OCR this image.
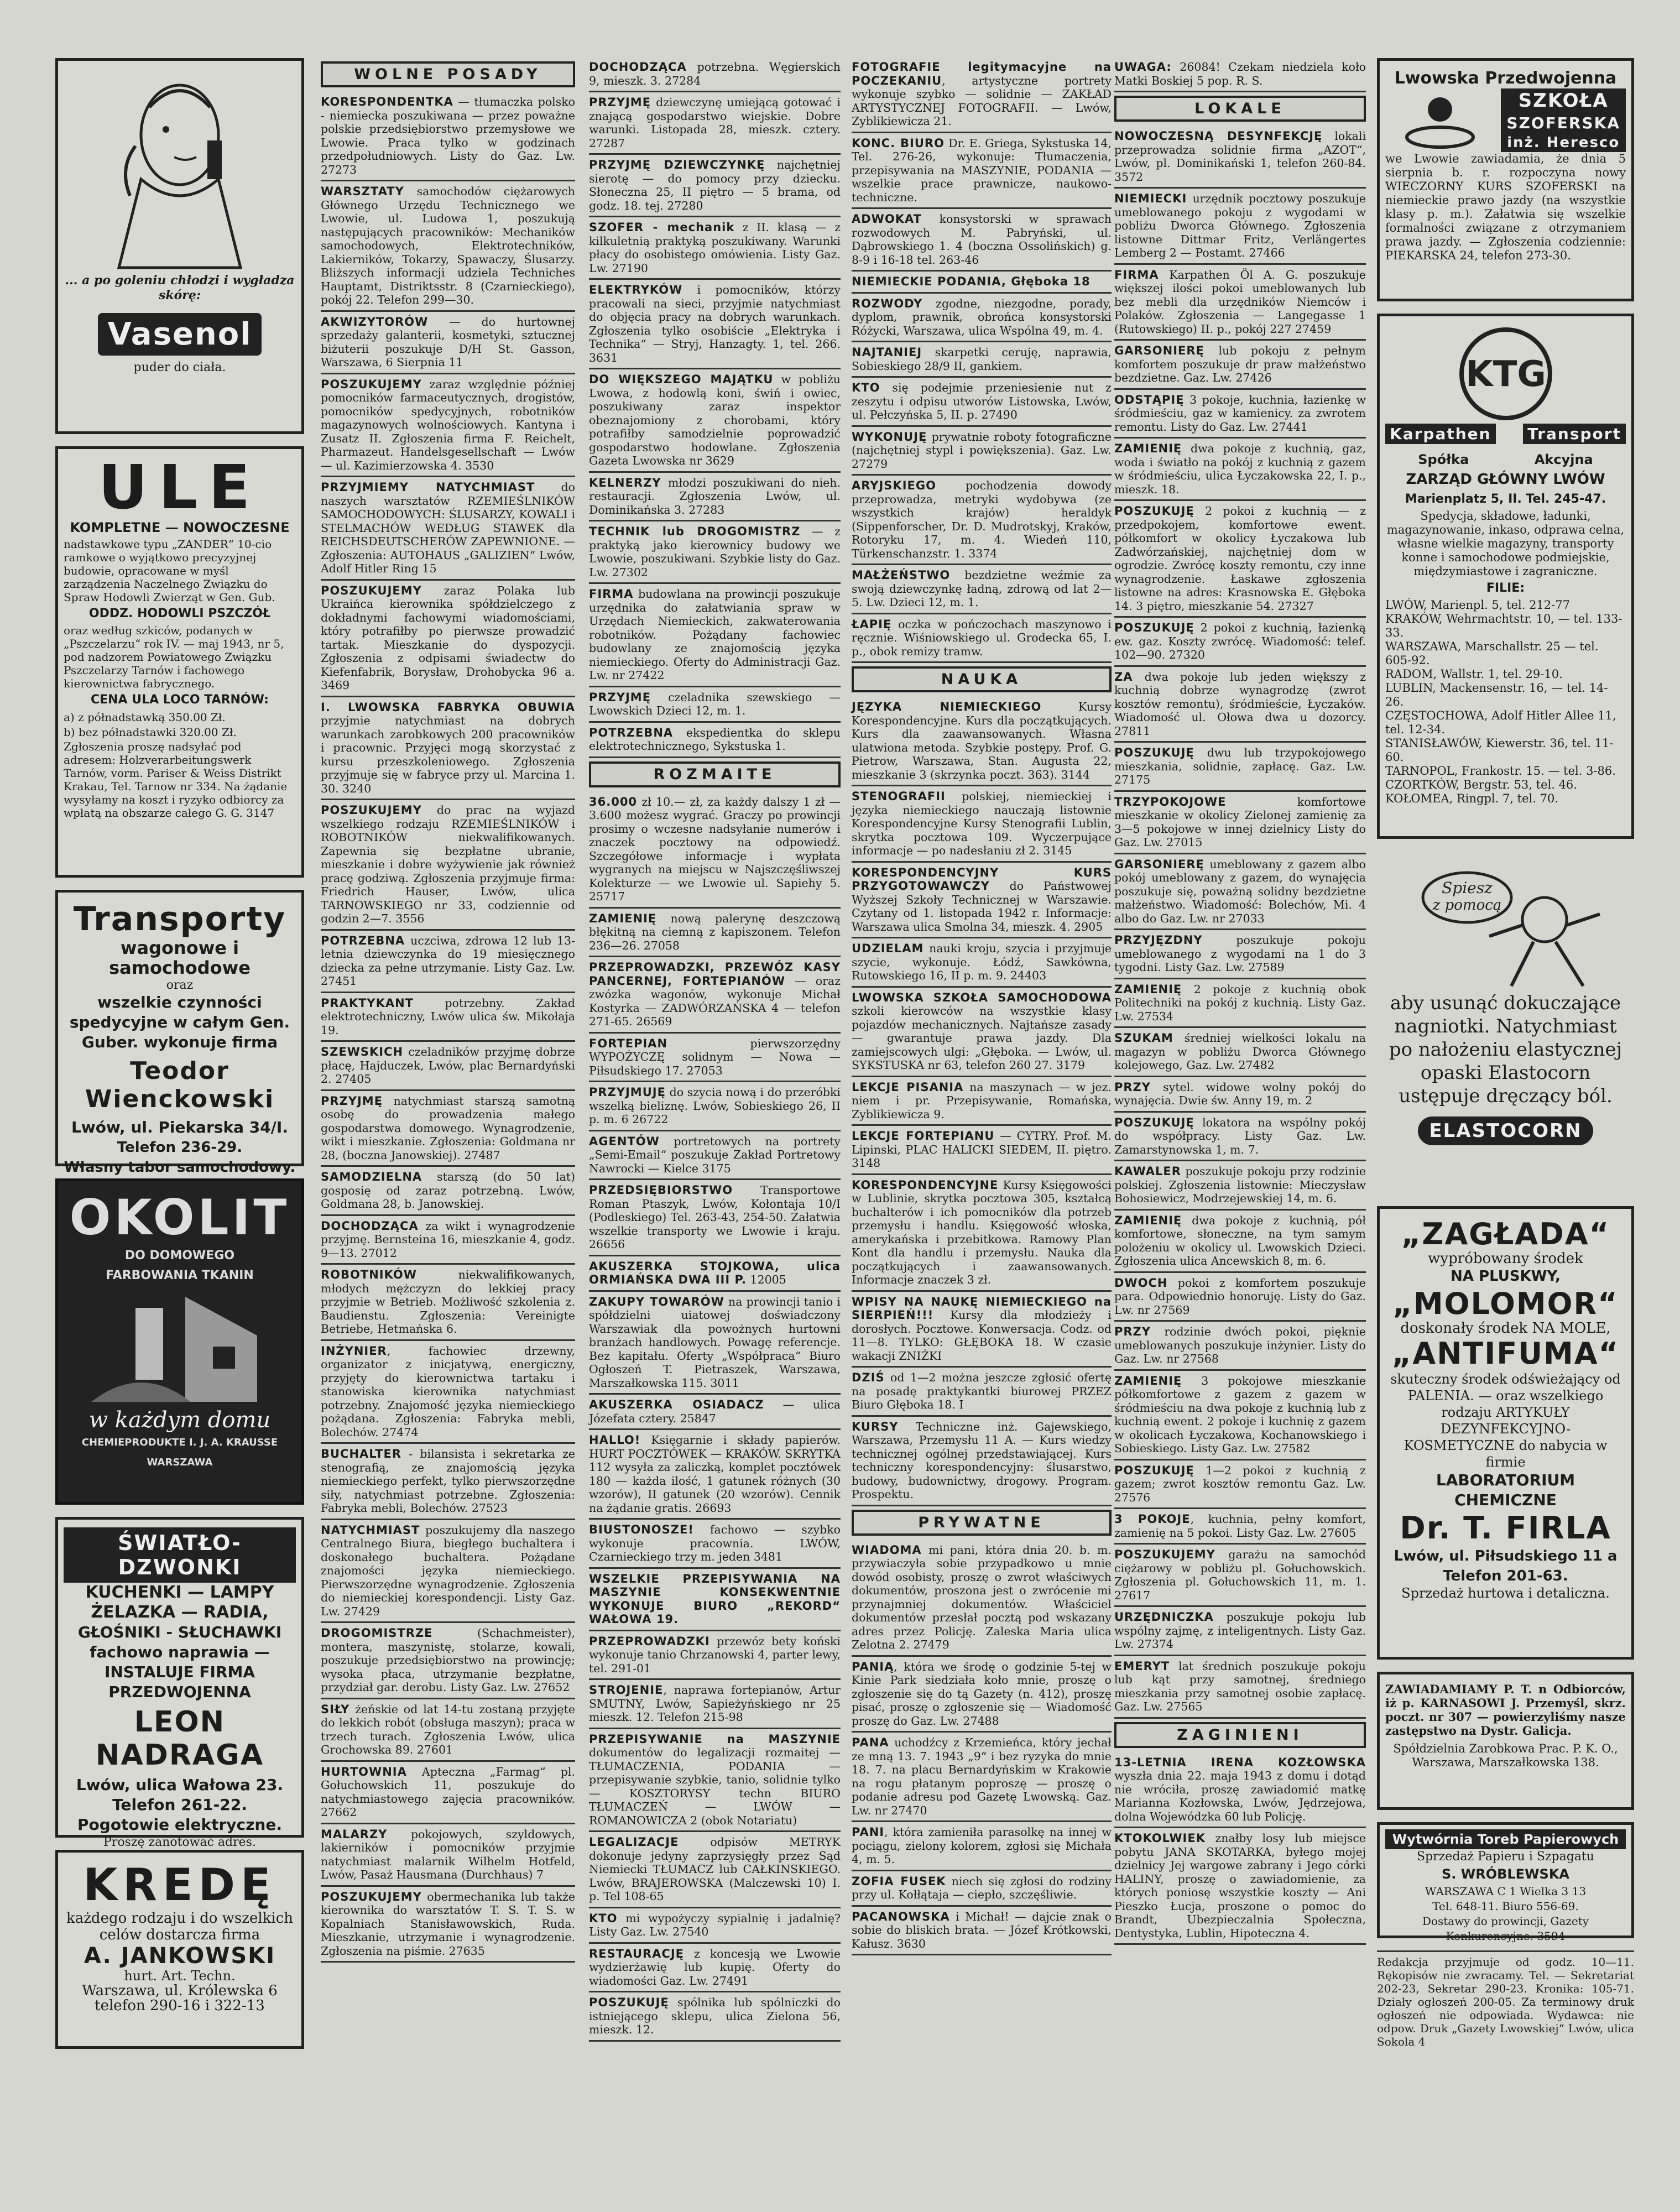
... a po goleniu chłodzi i wygładza skórę:
Vasenol
puder do ciała.
ULE
KOMPLETNE — NOWOCZESNE
nadstawkowe typu „ZANDER“ 10-cio ramkowe o wyjątkowo precyzyjnej budowie, opracowane w myśl zarządzenia Naczelnego Związku do Spraw Hodowli Zwierząt w Gen. Gub.
ODDZ. HODOWLI PSZCZÓŁ
oraz według szkiców, podanych w „Pszczelarzu“ rok IV. — maj 1943, nr 5, pod nadzorem Powiatowego Związku Pszczelarzy Tarnów i fachowego kierownictwa fabrycznego.
CENA ULA LOCO TARNÓW:
a) z półnadstawką 350.00 Zł.
b) bez półnadstawki 320.00 Zł.
Zgłoszenia proszę nadsyłać pod adresem: Holzverarbeitungswerk Tarnów, vorm. Pariser & Weiss Distrikt Krakau, Tel. Tarnow nr 334. Na żądanie wysyłamy na koszt i ryzyko odbiorcy za wpłatą na obszarze całego G. G. 3147
Transporty
wagonowe i samochodowe
oraz
wszelkie czynności spedycyjne w całym Gen. Guber. wykonuje firma
Teodor Wienckowski
Lwów, ul. Piekarska 34/I.
Telefon 236-29.
Własny tabor samochodowy.
OKOLIT
DO DOMOWEGO
FARBOWANIA TKANIN
w każdym domu
CHEMIEPRODUKTE I. J. A. KRAUSSE WARSZAWA
ŚWIATŁO-DZWONKI
KUCHENKI — LAMPY
ŻELAZKA — RADIA,
GŁOŚNIKI - SŁUCHAWKI
fachowo naprawia —
INSTALUJE FIRMA
PRZEDWOJENNA
LEON NADRAGA
Lwów, ulica Wałowa 23.
Telefon 261-22.
Pogotowie elektryczne.
Proszę zanotować adres.
KREDĘ
każdego rodzaju i do wszelkich celów dostarcza firma
A. JANKOWSKI
hurt. Art. Techn.
Warszawa, ul. Królewska 6
telefon 290-16 i 322-13
WOLNE POSADY
KORESPONDENTKA — tłumaczka polsko - niemiecka poszukiwana — przez poważne polskie przedsiębiorstwo przemysłowe we Lwowie. Praca tylko w godzinach przedpołudniowych. Listy do Gaz. Lw. 27273
WARSZTATY samochodów ciężarowych Głównego Urzędu Technicznego we Lwowie, ul. Ludowa 1, poszukują następujących pracowników: Mechaników samochodowych, Elektrotechników, Lakierników, Tokarzy, Spawaczy, Ślusarzy. Bliższych informacji udziela Techniches Hauptamt, Distriktsstr. 8 (Czarnieckiego), pokój 22. Telefon 299—30.
AKWIZYTORÓW — do hurtownej sprzedaży galanterii, kosmetyki, sztucznej biżuterii poszukuje D/H St. Gasson, Warszawa, 6 Sierpnia 11
POSZUKUJEMY zaraz względnie później pomocników farmaceutycznych, drogistów, pomocników spedycyjnych, robotników magazynowych wolnościowych. Kantyna i Zusatz II. Zgłoszenia firma F. Reichelt, Pharmazeut. Handelsgesellschaft — Lwów — ul. Kazimierzowska 4. 3530
PRZYJMIEMY NATYCHMIAST do naszych warsztatów RZEMIEŚLNIKÓW SAMOCHODOWYCH: ŚLUSARZY, KOWALI i STELMACHÓW WEDŁUG STAWEK dla REICHSDEUTSCHERÓW ZAPEWNIONE. — Zgłoszenia: AUTOHAUS „GALIZIEN“ Lwów, Adolf Hitler Ring 15
POSZUKUJEMY zaraz Polaka lub Ukraińca kierownika spółdzielczego z dokładnymi fachowymi wiadomościami, który potrafiłby po pierwsze prowadzić tartak. Mieszkanie do dyspozycji. Zgłoszenia z odpisami świadectw do Kiefenfabrik, Borysław, Drohobycka 96 a. 3469
I. LWOWSKA FABRYKA OBUWIA przyjmie natychmiast na dobrych warunkach zarobkowych 200 pracowników i pracownic. Przyjęci mogą skorzystać z kursu przeszkoleniowego. Zgłoszenia przyjmuje się w fabryce przy ul. Marcina 1. 30. 3240
POSZUKUJEMY do prac na wyjazd wszelkiego rodzaju RZEMIEŚLNIKÓW i ROBOTNIKÓW niekwalifikowanych. Zapewnia się bezpłatne ubranie, mieszkanie i dobre wyżywienie jak również pracę godziwą. Zgłoszenia przyjmuje firma: Friedrich Hauser, Lwów, ulica TARNOWSKIEGO nr 33, codziennie od godzin 2—7. 3556
POTRZEBNA uczciwa, zdrowa 12 lub 13-letnia dziewczynka do 19 miesięcznego dziecka za pełne utrzymanie. Listy Gaz. Lw. 27451
PRAKTYKANT potrzebny. Zakład elektrotechniczny, Lwów ulica św. Mikołaja 19.
SZEWSKICH czeladników przyjmę dobrze płacę, Hajduczek, Lwów, plac Bernardyński 2. 27405
PRZYJMĘ natychmiast starszą samotną osobę do prowadzenia małego gospodarstwa domowego. Wynagrodzenie, wikt i mieszkanie. Zgłoszenia: Goldmana nr 28, (boczna Janowskiej). 27487
SAMODZIELNA starszą (do 50 lat) gosposię od zaraz potrzebną. Lwów, Goldmana 28, b. Janowskiej.
DOCHODZĄCA za wikt i wynagrodzenie przyjmę. Bernsteina 16, mieszkanie 4, godz. 9—13. 27012
ROBOTNIKÓW niekwalifikowanych, młodych mężczyzn do lekkiej pracy przyjmie w Betrieb. Możliwość szkolenia z. Baudienstu. Zgłoszenia: Vereinigte Betriebe, Hetmańska 6.
INŻYNIER, fachowiec drzewny, organizator z inicjatywą, energiczny, przyjęty do kierownictwa tartaku i stanowiska kierownika natychmiast potrzebny. Znajomość języka niemieckiego pożądana. Zgłoszenia: Fabryka mebli, Bolechów. 27474
BUCHALTER - bilansista i sekretarka ze stenografią, ze znajomością języka niemieckiego perfekt, tylko pierwszorzędne siły, natychmiast potrzebne. Zgłoszenia: Fabryka mebli, Bolechów. 27523
NATYCHMIAST poszukujemy dla naszego Centralnego Biura, biegłego buchaltera i doskonałego buchaltera. Pożądane znajomości języka niemieckiego. Pierwszorzędne wynagrodzenie. Zgłoszenia do niemieckiej korespondencji. Listy Gaz. Lw. 27429
DROGOMISTRZE (Schachmeister), montera, maszynistę, stolarze, kowali, poszukuje przedsiębiorstwo na prowincję; wysoka płaca, utrzymanie bezpłatne, przydział gar. derobu. Listy Gaz. Lw. 27652
SIŁY żeńskie od lat 14-tu zostaną przyjęte do lekkich robót (obsługa maszyn); praca w trzech turach. Zgłoszenia Lwów, ulica Grochowska 89. 27601
HURTOWNIA Apteczna „Farmag“ pl. Gołuchowskich 11, poszukuje do natychmiastowego zajęcia pracowników. 27662
MALARZY pokojowych, szyldowych, lakierników i pomocników przyjmie natychmiast malarnik Wilhelm Hotfeld, Lwów, Pasaż Hausmana (Durchhaus) 7
POSZUKUJEMY obermechanika lub także kierownika do warsztatów T. S. T. S. w Kopalniach Stanisławowskich, Ruda. Mieszkanie, utrzymanie i wynagrodzenie. Zgłoszenia na piśmie. 27635
DOCHODZĄCA potrzebna. Węgierskich 9, mieszk. 3. 27284
PRZYJMĘ dziewczynę umiejącą gotować i znającą gospodarstwo wiejskie. Dobre warunki. Listopada 28, mieszk. cztery. 27287
PRZYJMĘ DZIEWCZYNKĘ najchętniej sierotę — do pomocy przy dziecku. Słoneczna 25, II piętro — 5 brama, od godz. 18. tej. 27280
SZOFER - mechanik z II. klasą — z kilkuletnią praktyką poszukiwany. Warunki płacy do osobistego omówienia. Listy Gaz. Lw. 27190
ELEKTRYKÓW i pomocników, którzy pracowali na sieci, przyjmie natychmiast do objęcia pracy na dobrych warunkach. Zgłoszenia tylko osobiście „Elektryka i Technika“ — Stryj, Hanzagty. 1, tel. 266. 3631
DO WIĘKSZEGO MAJĄTKU w pobliżu Lwowa, z hodowlą koni, świń i owiec, poszukiwany zaraz inspektor obeznajomiony z chorobami, który potrafiłby samodzielnie poprowadzić gospodarstwo hodowlane. Zgłoszenia Gazeta Lwowska nr 3629
KELNERZY młodzi poszukiwani do nieh. restauracji. Zgłoszenia Lwów, ul. Dominikańska 3. 27283
TECHNIK lub DROGOMISTRZ — z praktyką jako kierownicy budowy we Lwowie, poszukiwani. Szybkie listy do Gaz. Lw. 27302
FIRMA budowlana na prowincji poszukuje urzędnika do załatwiania spraw w Urzędach Niemieckich, zakwaterowania robotników. Pożądany fachowiec budowlany ze znajomością języka niemieckiego. Oferty do Administracji Gaz. Lw. nr 27422
PRZYJMĘ czeladnika szewskiego — Lwowskich Dzieci 12, m. 1.
POTRZEBNA ekspedientka do sklepu elektrotechnicznego, Sykstuska 1.
ROZMAITE
36.000 zł 10.— zł, za każdy dalszy 1 zł — 3.600 możesz wygrać. Graczy po prowincji prosimy o wczesne nadsyłanie numerów i znaczek pocztowy na odpowiedź. Szczegółowe informacje i wypłata wygranych na miejscu w Najszczęśliwszej Kolekturze — we Lwowie ul. Sapiehy 5. 25717
ZAMIENIĘ nową palerynę deszczową błękitną na ciemną z kapiszonem. Telefon 236—26. 27058
PRZEPROWADZKI, PRZEWÓZ KASY PANCERNEJ, FORTEPIANÓW — oraz zwózka wagonów, wykonuje Michał Kostyrka — ZADWÓRZAŃSKA 4 — telefon 271-65. 26569
FORTEPIAN pierwszorzędny WYPOŻYCZĘ solidnym — Nowa — Piłsudskiego 17. 27053
PRZYJMUJĘ do szycia nową i do przeróbki wszelką bieliznę. Lwów, Sobieskiego 26, II p. m. 6 26722
AGENTÓW portretowych na portrety „Semi-Email“ poszukuje Zakład Portretowy Nawrocki — Kielce 3175
PRZEDSIĘBIORSTWO Transportowe Roman Ptaszyk, Lwów, Kołontaja 10/I (Podleskiego) Tel. 263-43, 254-50. Załatwia wszelkie transporty we Lwowie i kraju. 26656
AKUSZERKA STOJKOWA, ulica ORMIAŃSKA DWA III P. 12005
ZAKUPY TOWARÓW na prowincji tanio i spółdzielni uiatowej doświadczony Warszawiak dla powożnych hurtowni branżach handlowych. Powagę referencje. Bez kapitału. Oferty „Współpraca“ Biuro Ogłoszeń T. Pietraszek, Warszawa, Marszałkowska 115. 3011
AKUSZERKA OSIADACZ — ulica Józefata cztery. 25847
HALLO! Księgarnie i składy papierów. HURT POCZTÓWEK — KRAKÓW. SKRYTKA 112 wysyła za zaliczką, komplet pocztówek 180 — każda ilość, 1 gatunek różnych (30 wzorów), II gatunek (20 wzorów). Cennik na żądanie gratis. 26693
BIUSTONOSZE! fachowo — szybko wykonuje pracownia. LWÓW, Czarnieckiego trzy m. jeden 3481
WSZELKIE PRZEPISYWANIA NA MASZYNIE KONSEKWENTNIE WYKONUJE BIURO „REKORD“ WAŁOWA 19.
PRZEPROWADZKI przewóz bety koński wykonuje tanio Chrzanowski 4, parter lewy, tel. 291-01
STROJENIE, naprawa fortepianów, Artur SMUTNY, Lwów, Sapieżyńskiego nr 25 mieszk. 12. Telefon 215-98
PRZEPISYWANIE na MASZYNIE dokumentów do legalizacji rozmaitej — TŁUMACZENIA, PODANIA — przepisywanie szybkie, tanio, solidnie tylko — KOSZTORYSY techn BIURO TŁUMACZEŃ — LWÓW — ROMANOWICZA 2 (obok Notariatu)
LEGALIZACJE odpisów METRYK dokonuje jedyny zaprzysięgły przez Sąd Niemiecki TŁUMACZ lub CAŁKINSKIEGO. Lwów, BRAJEROWSKA (Malczewski 10) I. p. Tel 108-65
KTO mi wypożyczy sypialnię i jadalnię? Listy Gaz. Lw. 27540
RESTAURACJĘ z koncesją we Lwowie wydzierżawię lub kupię. Oferty do wiadomości Gaz. Lw. 27491
POSZUKUJĘ spólnika lub spólniczki do istniejącego sklepu, ulica Zielona 56, mieszk. 12.
FOTOGRAFIE legitymacyjne na POCZEKANIU, artystyczne portrety wykonuje szybko — solidnie — ZAKŁAD ARTYSTYCZNEJ FOTOGRAFII. — Lwów, Zyblikiewicza 21.
KONC. BIURO Dr. E. Griega, Sykstuska 14, Tel. 276-26, wykonuje: Tłumaczenia, przepisywania na MASZYNIE, PODANIA — wszelkie prace prawnicze, naukowo-techniczne.
ADWOKAT konsystorski w sprawach rozwodowych M. Pabryński, ul. Dąbrowskiego 1. 4 (boczna Ossolińskich) g. 8-9 i 16-18 tel. 263-46
NIEMIECKIE PODANIA, Głęboka 18
ROZWODY zgodne, niezgodne, porady, dyplom, prawnik, obrońca konsystorski Różycki, Warszawa, ulica Wspólna 49, m. 4.
NAJTANIEJ skarpetki ceruję, naprawia, Sobieskiego 28/9 II, gankiem.
KTO się podejmie przeniesienie nut z zeszytu i odpisu utworów Listowska, Lwów, ul. Pełczyńska 5, II. p. 27490
WYKONUJĘ prywatnie roboty fotograficzne (najchętniej stypl i powiększenia). Gaz. Lw. 27279
ARYJSKIEGO pochodzenia dowody przeprowadza, metryki wydobywa (ze wszystkich krajów) heraldyk (Sippenforscher, Dr. D. Mudrotskyj, Kraków, Rotoryku 17, m. 4. Wiedeń 110, Türkenschanzstr. 1. 3374
MAŁŻEŃSTWO bezdzietne weźmie za swoją dziewczynkę ładną, zdrową od lat 2—5. Lw. Dzieci 12, m. 1.
ŁAPIĘ oczka w pończochach maszynowo i ręcznie. Wiśniowskiego ul. Grodecka 65, I. p., obok remizy tramw.
NAUKA
JĘZYKA NIEMIECKIEGO Kursy Korespondencyjne. Kurs dla początkujących. Kurs dla zaawansowanych. Własna ulatwiona metoda. Szybkie postępy. Prof. G. Pietrow, Warszawa, Stan. Augusta 22, mieszkanie 3 (skrzynka poczt. 363). 3144
STENOGRAFII polskiej, niemieckiej i języka niemieckiego nauczają listownie Korespondencyjne Kursy Stenografii Lublin, skrytka pocztowa 109. Wyczerpujące informacje — po nadesłaniu zł 2. 3145
KORESPONDENCYJNY KURS PRZYGOTOWAWCZY do Państwowej Wyższej Szkoły Technicznej w Warszawie. Czytany od 1. listopada 1942 r. Informacje: Warszawa ulica Smolna 34, mieszk. 4. 2905
UDZIELAM nauki kroju, szycia i przyjmuje szycie, wykonuje. Łódź, Sawkówna, Rutowskiego 16, II p. m. 9. 24403
LWOWSKA SZKOŁA SAMOCHODOWA szkoli kierowców na wszystkie klasy pojazdów mechanicznych. Najtańsze zasady — gwarantuje prawa jazdy. Dla zamiejscowych ulgi: „Głęboka. — Lwów, ul. SYKSTUSKA nr 63, telefon 260 27. 3179
LEKCJE PISANIA na maszynach — w jez. niem i pr. Przepisywanie, Romańska, Zyblikiewicza 9.
LEKCJE FORTEPIANU — CYTRY. Prof. M. Lipinski, PLAC HALICKI SIEDEM, II. piętro. 3148
KORESPONDENCYJNE Kursy Księgowości w Lublinie, skrytka pocztowa 305, kształcą buchalterów i ich pomocników dla potrzeb przemysłu i handlu. Księgowość włoska, amerykańska i przebitkowa. Ramowy Plan Kont dla handlu i przemysłu. Nauka dla początkujących i zaawansowanych. Informacje znaczek 3 zł.
WPISY NA NAUKĘ NIEMIECKIEGO na SIERPIEŃ!!! Kursy dla młodzieży i dorosłych. Pocztowe. Konwersacja. Codz. od 11—8. TYLKO: GŁĘBOKA 18. W czasie wakacji ZNIŻKI
DZIŚ od 1—2 można jeszcze zgłosić ofertę na posadę praktykantki biurowej PRZEZ Biuro Głęboka 18. I
KURSY Techniczne inż. Gajewskiego, Warszawa, Przemysłu 11 A. — Kurs wiedzy technicznej ogólnej przedstawiającej. Kurs techniczny korespondencyjny: ślusarstwo, budowy, budownictwy, drogowy. Program. Prospektu.
PRYWATNE
WIADOMA mi pani, która dnia 20. b. m. przywiaczyła sobie przypadkowo u mnie dowód osobisty, proszę o zwrot właściwych dokumentów, proszona jest o zwrócenie mi przynajmniej dokumentów. Właściciel dokumentów przesłał pocztą pod wskazany adres przez Policję. Zaleska Maria ulica Zelotna 2. 27479
PANIĄ, która we środę o godzinie 5-tej w Kinie Park siedziała koło mnie, proszę o zgłoszenie się do tą Gazety (n. 412), proszę pisać, proszę o zgłoszenie się — Wiadomość proszę do Gaz. Lw. 27488
PANA uchodźcy z Krzemieńca, który jechał ze mną 13. 7. 1943 „9“ i bez ryzyka do mnie 18. 7. na placu Bernardyńskim w Krakowie na rogu płatanym poproszę — proszę o podanie adresu pod Gazetę Lwowską. Gaz. Lw. nr 27470
PANI, która zamieniła parasolkę na innej w pociągu, zielony kolorem, zgłosi się Michała 4, m. 5.
ZOFIA FUSEK niech się zgłosi do rodziny przy ul. Kołłątaja — ciepło, szczęśliwie.
PACANOWSKA i Michał! — dajcie znak o sobie do bliskich brata. — Józef Krótkowski, Kałusz. 3630
UWAGA: 26084! Czekam niedziela koło Matki Boskiej 5 pop. R. S.
LOKALE
NOWOCZESNĄ DESYNFEKCJĘ lokali przeprowadza solidnie firma „AZOT“, Lwów, pl. Dominikański 1, telefon 260-84. 3572
NIEMIECKI urzędnik pocztowy poszukuje umeblowanego pokoju z wygodami w pobliżu Dworca Głównego. Zgłoszenia listowne Dittmar Fritz, Verlängertes Lemberg 2 — Postamt. 27466
FIRMA Karpathen Öl A. G. poszukuje większej ilości pokoi umeblowanych lub bez mebli dla urzędników Niemców i Polaków. Zgłoszenia — Langegasse 1 (Rutowskiego) II. p., pokój 227 27459
GARSONIERĘ lub pokoju z pełnym komfortem poszukuje dr praw małżeństwo bezdzietne. Gaz. Lw. 27426
ODSTĄPIĘ 3 pokoje, kuchnia, łazienkę w śródmieściu, gaz w kamienicy. za zwrotem remontu. Listy do Gaz. Lw. 27441
ZAMIENIĘ dwa pokoje z kuchnią, gaz, woda i światło na pokój z kuchnią z gazem w śródmieściu, ulica Łyczakowska 22, I. p., mieszk. 18.
POSZUKUJĘ 2 pokoi z kuchnią — z przedpokojem, komfortowe ewent. półkomfort w okolicy Łyczakowa lub Zadwórzańskiej, najchętniej dom w ogrodzie. Zwrócę koszty remontu, czy inne wynagrodzenie. Łaskawe zgłoszenia listowne na adres: Krasnowska E. Głęboka 14. 3 piętro, mieszkanie 54. 27327
POSZUKUJĘ 2 pokoi z kuchnią, łazienką ew. gaz. Koszty zwrócę. Wiadomość: telef. 102—90. 27320
ZA dwa pokoje lub jeden większy z kuchnią dobrze wynagrodzę (zwrot kosztów remontu), śródmieście, Łyczaków. Wiadomość ul. Ołowa dwa u dozorcy. 27811
POSZUKUJĘ dwu lub trzypokojowego mieszkania, solidnie, zapłacę. Gaz. Lw. 27175
TRZYPOKOJOWE komfortowe mieszkanie w okolicy Zielonej zamienię za 3—5 pokojowe w innej dzielnicy Listy do Gaz. Lw. 27015
GARSONIERĘ umeblowany z gazem albo pokój umeblowany z gazem, do wynajęcia poszukuje się, poważną solidny bezdzietne małżeństwo. Wiadomość: Bolechów, Mi. 4 albo do Gaz. Lw. nr 27033
PRZYJĘZDNY poszukuje pokoju umeblowanego z wygodami na 1 do 3 tygodni. Listy Gaz. Lw. 27589
ZAMIENIĘ 2 pokoje z kuchnią obok Politechniki na pokój z kuchnią. Listy Gaz. Lw. 27534
SZUKAM średniej wielkości lokalu na magazyn w pobliżu Dworca Głównego kolejowego, Gaz. Lw. 27482
PRZY sytel. widowe wolny pokój do wynajęcia. Dwie św. Anny 19, m. 2
POSZUKUJĘ lokatora na wspólny pokój do współpracy. Listy Gaz. Lw. Zamarstynowska 1, m. 7.
KAWALER poszukuje pokoju przy rodzinie polskiej. Zgłoszenia listownie: Mieczysław Bohosiewicz, Modrzejewskiej 14, m. 6.
ZAMIENIĘ dwa pokoje z kuchnią, pół komfortowe, słoneczne, na tym samym polożeniu w okolicy ul. Lwowskich Dzieci. Zgłoszenia ulica Ancewskich 8, m. 6.
DWOCH pokoi z komfortem poszukuje para. Odpowiednio honoruję. Listy do Gaz. Lw. nr 27569
PRZY rodzinie dwóch pokoi, pięknie umeblowanych poszukuje inżynier. Listy do Gaz. Lw. nr 27568
ZAMIENIĘ 3 pokojowe mieszkanie półkomfortowe z gazem z gazem w śródmieściu na dwa pokoje z kuchnią lub z kuchnią ewent. 2 pokoje i kuchnię z gazem w okolicach Łyczakowa, Kochanowskiego i Sobieskiego. Listy Gaz. Lw. 27582
POSZUKUJĘ 1—2 pokoi z kuchnią z gazem; zwrot kosztów remontu Gaz. Lw. 27576
3 POKOJE, kuchnia, pełny komfort, zamienię na 5 pokoi. Listy Gaz. Lw. 27605
POSZUKUJEMY garażu na samochód ciężarowy w pobliżu pl. Gołuchowskich. Zgłoszenia pl. Gołuchowskich 11, m. 1. 27617
URZĘDNICZKA poszukuje pokoju lub wspólny zajmę, z inteligentnych. Listy Gaz. Lw. 27374
EMERYT lat średnich poszukuje pokoju lub kąt przy samotnej, średniego mieszkania przy samotnej osobie zapłacę. Gaz. Lw. 27565
ZAGINIENI
13-LETNIA IRENA KOZŁOWSKA wyszła dnia 22. maja 1943 z domu i dotąd nie wróciła, proszę zawiadomić matkę Marianna Kozłowska, Lwów, Jędrzejowa, dolna Wojewódzka 60 lub Policję.
KTOKOLWIEK znałby losy lub miejsce pobytu JANA SKOTARKA, byłego mojej dzielnicy Jej wargowe zabrany i Jego córki HALINY, proszę o zawiadomienie, za których poniosę wszystkie koszty — Ani Pieszko Łucja, proszone o pomoc do Brandt, Ubezpieczalnia Społeczna, Dentystyka, Lublin, Hipoteczna 4.
Lwowska Przedwojenna
SZKOŁA
SZOFERSKA
inż. Heresco
we Lwowie zawiadamia, że dnia 5 sierpnia b. r. rozpoczyna nowy WIECZORNY KURS SZOFERSKI na niemieckie prawo jazdy (na wszystkie klasy p. m.). Załatwia się wszelkie formalności związane z otrzymaniem prawa jazdy. — Zgłoszenia codziennie: PIEKARSKA 24, telefon 273-30.
KTG
Karpathen Transport
Spółka	Akcyjna
ZARZĄD GŁÓWNY LWÓW
Marienplatz 5, II. Tel. 245-47.
Spedycja, składowe, ładunki, magazynowanie, inkaso, odprawa celna, własne wielkie magazyny, transporty konne i samochodowe podmiejskie, międzymiastowe i zagraniczne.
FILIE:
LWÓW, Marienpl. 5, tel. 212-77
KRAKÓW, Wehrmachtstr. 10, — tel. 133-33.
WARSZAWA, Marschallstr. 25 — tel. 605-92.
RADOM, Wallstr. 1, tel. 29-10.
LUBLIN, Mackensenstr. 16, — tel. 14-26.
CZĘSTOCHOWA, Adolf Hitler Allee 11, tel. 12-34.
STANISŁAWÓW, Kiewerstr. 36, tel. 11-60.
TARNOPOL, Frankostr. 15. — tel. 3-86.
CZORTKÓW, Bergstr. 53, tel. 46.
KOŁOMEA, Ringpl. 7, tel. 70.
Spiesz
z pomocą
aby usunąć dokuczające nagniotki. Natychmiast po nałożeniu elastycznej opaski Elastocorn ustępuje dręczący ból.
ELASTOCORN
„ZAGŁADA“
wypróbowany środek
NA PLUSKWY,
„MOLOMOR“
doskonały środek NA MOLE,
„ANTIFUMA“
skuteczny środek odświeżający od PALENIA. — oraz wszelkiego rodzaju ARTYKUŁY DEZYNFEKCYJNO-KOSMETYCZNE do nabycia w firmie
LABORATORIUM CHEMICZNE
Dr. T. FIRLA
Lwów, ul. Piłsudskiego 11 a
Telefon 201-63.
Sprzedaż hurtowa i detaliczna.
ZAWIADAMIAMY P. T. n Odbiorców, iż p. KARNASOWI J. Przemyśl, skrz. poczt. nr 307 — powierzyliśmy nasze zastępstwo na Dystr. Galicja.
Spółdzielnia Zarobkowa Prac. P. K. O., Warszawa, Marszałkowska 138.
Wytwórnia Toreb Papierowych
Sprzedaż Papieru i Szpagatu
S. WRÓBLEWSKA
WARSZAWA C 1 Wielka 3 13
Tel. 648-11. Biuro 556-69.
Dostawy do prowincji, Gazety Konkurencyjne. 3594
Redakcja przyjmuje od godz. 10—11. Rękopisów nie zwracamy. Tel. — Sekretariat 202-23, Sekretar 290-23. Kronika: 105-71. Działy ogłoszeń 200-05. Za terminowy druk ogłoszeń nie odpowiada. Wydawca: nie odpow. Druk „Gazety Lwowskiej“ Lwów, ulica Sokola 4
